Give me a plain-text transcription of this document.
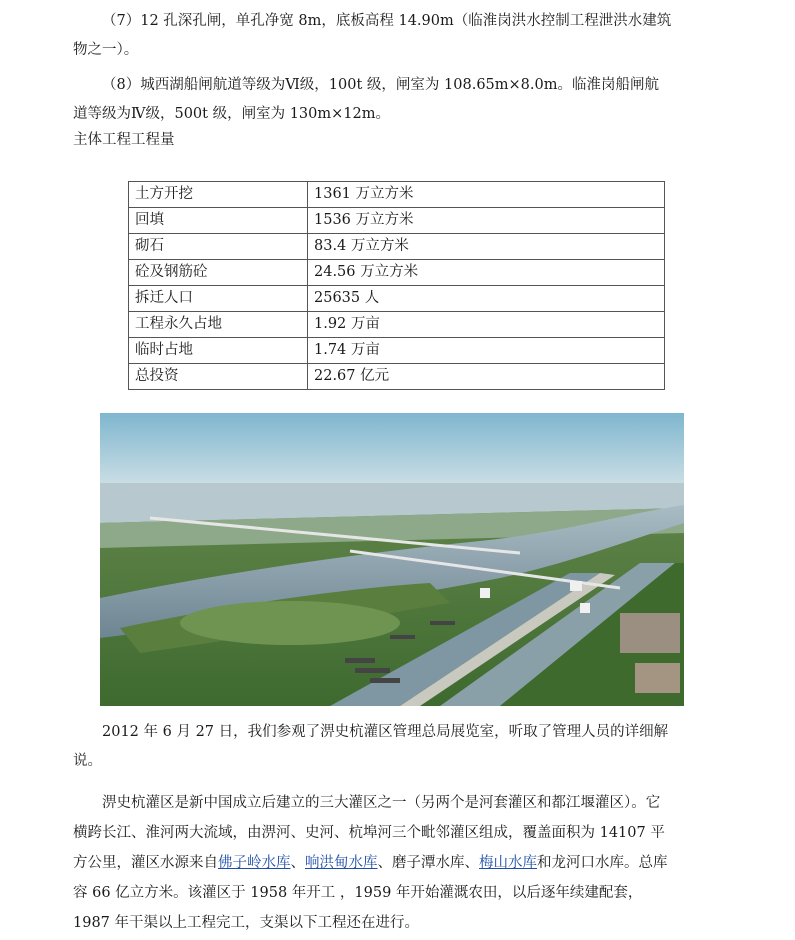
（7）12 孔深孔闸，单孔净宽 8m，底板高程 14.90m（临淮岗洪水控制工程泄洪水建筑物之一）。

（8）城西湖船闸航道等级为Ⅵ级，100t 级，闸室为 108.65m×8.0m。临淮岗船闸航道等级为Ⅳ级，500t 级，闸室为 130m×12m。

主体工程工程量

土方开挖	1361 万立方米
回填	1536 万立方米
砌石	83.4 万立方米
砼及钢筋砼	24.56 万立方米
拆迁人口	25635 人
工程永久占地	1.92 万亩
临时占地	1.74 万亩
总投资	22.67 亿元

2012 年 6 月 27 日，我们参观了淠史杭灌区管理总局展览室，听取了管理人员的详细解说。

淠史杭灌区是新中国成立后建立的三大灌区之一（另两个是河套灌区和都江堰灌区）。它横跨长江、淮河两大流域，由淠河、史河、杭埠河三个毗邻灌区组成，覆盖面积为 14107 平方公里，灌区水源来自佛子岭水库、响洪甸水库、磨子潭水库、梅山水库和龙河口水库。总库容 66 亿立方米。该灌区于 1958 年开工 ，1959 年开始灌溉农田，以后逐年续建配套，1987 年干渠以上工程完工，支渠以下工程还在进行。
